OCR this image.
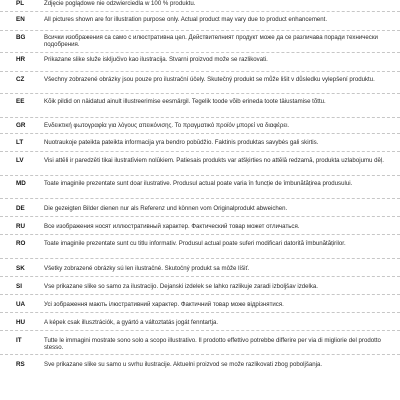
PL	Zdjęcie poglądowe nie odzwierciedla w 100 % produktu.
EN	All pictures shown are for illustration purpose only. Actual product may vary due to product enhancement.
BG	Всички изображения са само с илюстративна цел. Действителният продукт може да се различава поради технически подобрения.
HR	Prikazane slike služe isključivo kao ilustracija. Stvarni proizvod može se razlikovati.
CZ	Všechny zobrazené obrázky jsou pouze pro ilustrační účely. Skutečný produkt se může lišit v důsledku vylepšení produktu.
EE	Kõik pildid on näidatud ainult illustreerimise eesmärgil. Tegelik toode võib erineda toote täiustamise tõttu.
GR	Ενδεικτική φωτογραφία για λόγους απεικόνισης. Το πραγματικό προϊόν μπορεί να διαφέρει.
LT	Nuotraukoje pateikta pateikta informacija yra bendro pobūdžio. Faktinis produktas savybės gali skirtis.
LV	Visi attēli ir paredzēti tikai ilustratīviem nolūkiem. Patiesais produkts var atšķirties no attēlā redzamā, produkta uzlabojumu dēļ.
MD	Toate imaginile prezentate sunt doar ilustrative. Produsul actual poate varia în funcție de îmbunătățirea produsului.
DE	Die gezeigten Bilder dienen nur als Referenz und können vom Originalprodukt abweichen.
RU	Все изображения носят иллюстративный характер. Фактический товар может отличаться.
RO	Toate imaginile prezentate sunt cu titlu informativ. Produsul actual poate suferi modificari datorită îmbunătățirilor.
SK	Všetky zobrazené obrázky sú len ilustračné. Skutočný produkt sa môže líšiť.
SI	Vse prikazane slike so samo za ilustracijo. Dejanski izdelek se lahko razlikuje zaradi izboljšav izdelka.
UA	Усі зображення мають ілюстративний характер. Фактичний товар може відрізнятися.
HU	A képek csak illusztrációk, a gyártó a változtatás jogát fenntartja.
IT	Tutte le immagini mostrate sono solo a scopo illustrativo. Il prodotto effettivo potrebbe differire per via di migliorie del prodotto stesso.
RS	Sve prikazane slike su samo u svrhu ilustracije. Aktuelni proizvod se može razlikovati zbog poboljšanja.
